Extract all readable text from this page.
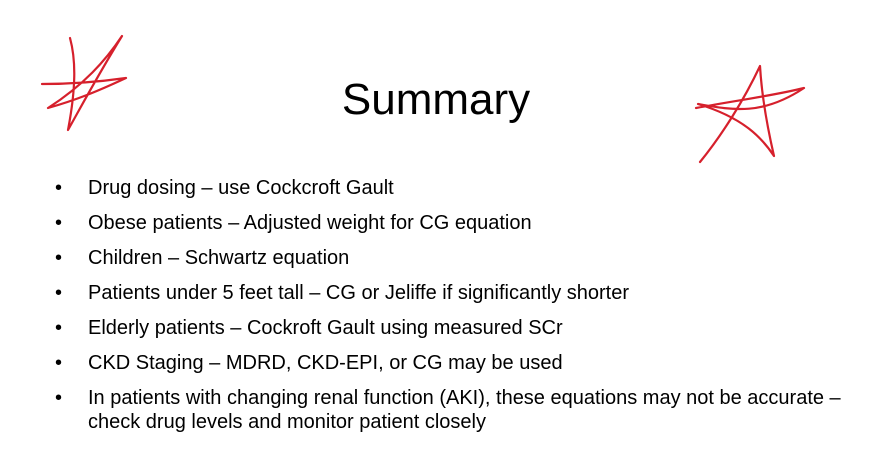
Summary
•	Drug dosing – use Cockcroft Gault
•	Obese patients – Adjusted weight for CG equation
•	Children – Schwartz equation
•	Patients under 5 feet tall – CG or Jeliffe if significantly shorter
•	Elderly patients – Cockroft Gault using measured SCr
•	CKD Staging – MDRD, CKD-EPI, or CG may be used
•	In patients with changing renal function (AKI), these equations may not be accurate – check drug levels and monitor patient closely
